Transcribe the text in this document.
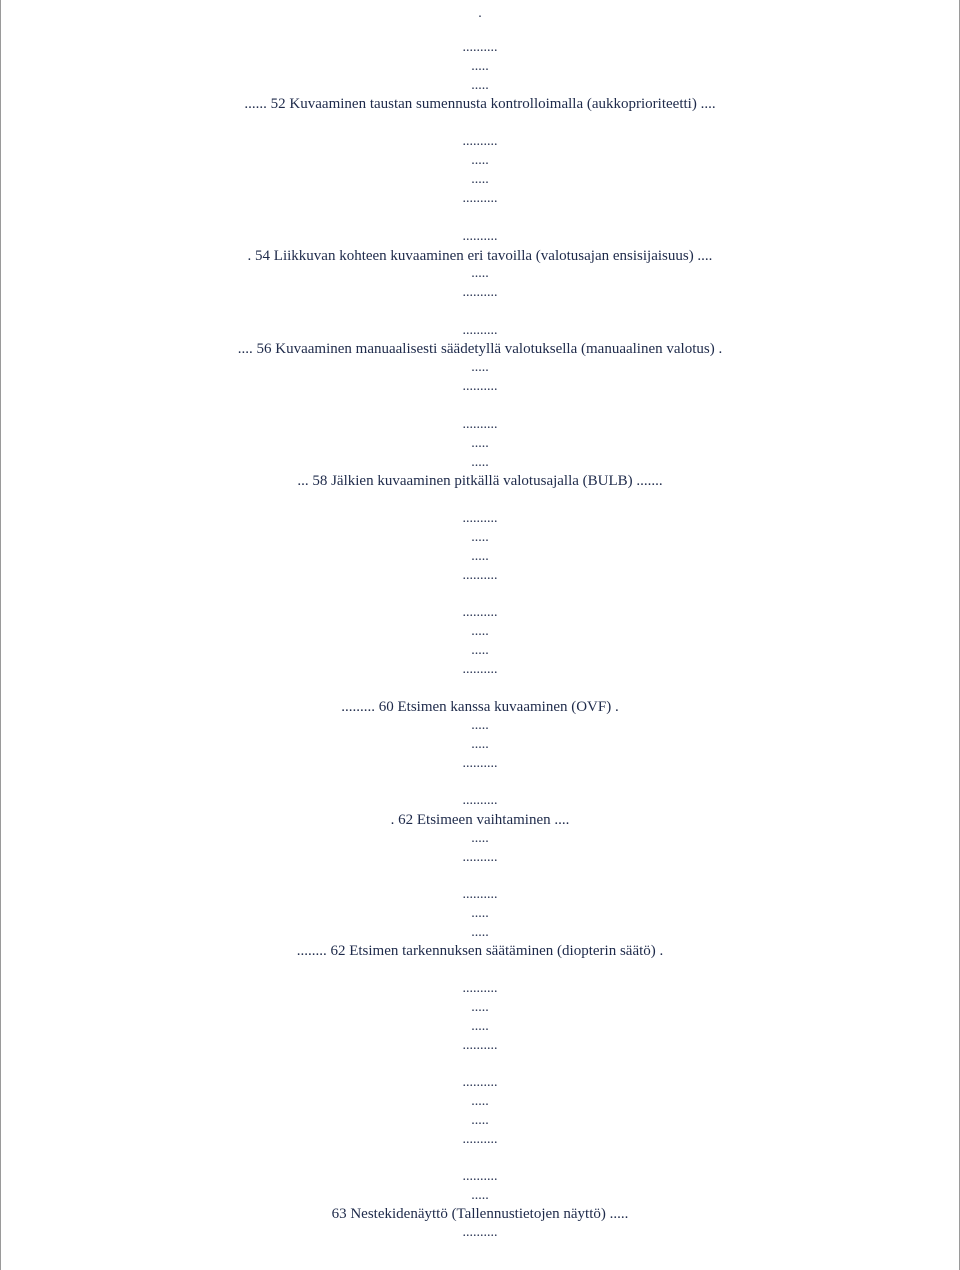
.
..........
.....
.....
...... 52 Kuvaaminen taustan sumennusta kontrolloimalla (aukkoprioriteetti) ....
..........
.....
.....
..........
..........
. 54 Liikkuvan kohteen kuvaaminen eri tavoilla (valotusajan ensisijaisuus) ....
.....
..........
..........
.... 56 Kuvaaminen manuaalisesti säädetyllä valotuksella (manuaalinen valotus) .
.....
..........
..........
.....
.....
... 58 Jälkien kuvaaminen pitkällä valotusajalla (BULB) .......
..........
.....
.....
..........
..........
.....
.....
..........
......... 60 Etsimen kanssa kuvaaminen (OVF) .
.....
.....
..........
..........
. 62 Etsimeen vaihtaminen ....
.....
..........
..........
.....
.....
........ 62 Etsimen tarkennuksen säätäminen (diopterin säätö) .
..........
.....
.....
..........
..........
.....
.....
..........
..........
.....
63 Nestekidenäyttö (Tallennustietojen näyttö) .....
..........
